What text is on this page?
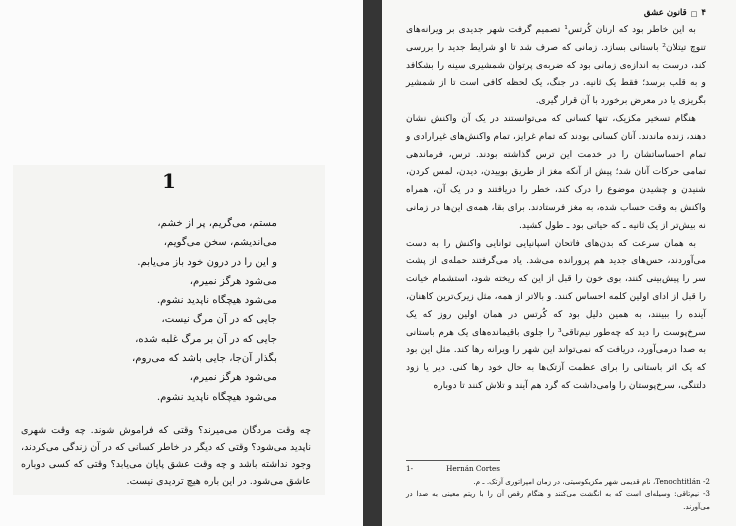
1
مستم، می‌گریم، پر از خشم،
می‌اندیشم، سخن می‌گویم،
و این را در درون خود باز می‌یابم.
می‌شود هرگز نمیرم،
می‌شود هیچگاه ناپدید نشوم.
جایی که در آن مرگ نیست،
جایی که در آن بر مرگ غلبه شده،
بگذار آن‌جا، جایی باشد که می‌روم،
می‌شود هرگز نمیرم،
می‌شود هیچگاه ناپدید نشوم.

چه وقت مردگان می‌میرند؟ وقتی که فراموش شوند. چه وقت شهری ناپدید می‌شود؟ وقتی که دیگر در خاطر کسانی که در آن زندگی می‌کردند، وجود نداشته باشد و چه وقت عشق پایان می‌یابد؟ وقتی که کسی دوباره عاشق می‌شود. در این باره هیچ تردیدی نیست.

۴
□
قانون عشق

به این خاطر بود که ارنان کُرتس¹ تصمیم گرفت شهر جدیدی بر ویرانه‌های تنوچ تیتلان² باستانی بسازد. زمانی که صرف شد تا او شرایط جدید را بررسی کند، درست به اندازه‌ی زمانی بود که ضربه‌ی پرتوان شمشیری سینه را بشکافد و به قلب برسد؛ فقط یک ثانیه. در جنگ، یک لحظه کافی است تا از شمشیر بگریزی یا در معرض برخورد با آن قرار گیری.

هنگام تسخیر مکزیک، تنها کسانی که می‌توانستند در یک آن واکنش نشان دهند، زنده ماندند. آنان کسانی بودند که تمام غرایز، تمام واکنش‌های غیرارادی و تمام احساساتشان را در خدمت این ترس گذاشته بودند. ترس، فرماندهی تمامی حرکات آنان شد؛ پیش از آنکه مغز از طریق بوییدن، دیدن، لمس کردن، شنیدن و چشیدن موضوع را درک کند، خطر را دریافتند و در یک آن، همراه واکنش به وقت حساب شده، به مغز فرستادند. برای بقا، همه‌ی این‌ها در زمانی نه بیش‌تر از یک ثانیه ـ که حیاتی بود ـ طول کشید.

به همان سرعت که بدن‌های فاتحان اسپانیایی توانایی واکنش را به دست می‌آوردند، حس‌های جدید هم پرورانده می‌شد. یاد می‌گرفتند حمله‌ی از پشت سر را پیش‌بینی کنند، بوی خون را قبل از این که ریخته شود، استشمام خیانت را قبل از ادای اولین کلمه احساس کنند. و بالاتر از همه، مثل زیرک‌ترین کاهنان، آینده را ببینند، به همین دلیل بود که کُرتس در همان اولین روز که یک سرخ‌پوست را دید که چه‌طور نیم‌تاقی³ را جلوی باقیمانده‌های یک هرم باستانی به صدا درمی‌آورد، دریافت که نمی‌تواند این شهر را ویرانه رها کند. مثل این بود که یک اثر باستانی را برای عظمت آزتک‌ها به حال خود رها کنی. دیر یا زود دلتنگی، سرخ‌پوستان را وامی‌داشت که گرد هم آیند و تلاش کنند تا دوباره

1-	Hernán Cortes
2- Tenochtitlán، نام قدیمی شهر مکزیکوسیتی، در زمان امپراتوری آزتک. ـ م.
3- نیم‌تاقی: وسیله‌ای است که به انگشت می‌کنند و هنگام رقص آن را با ریتم معینی به صدا در می‌آورند.
